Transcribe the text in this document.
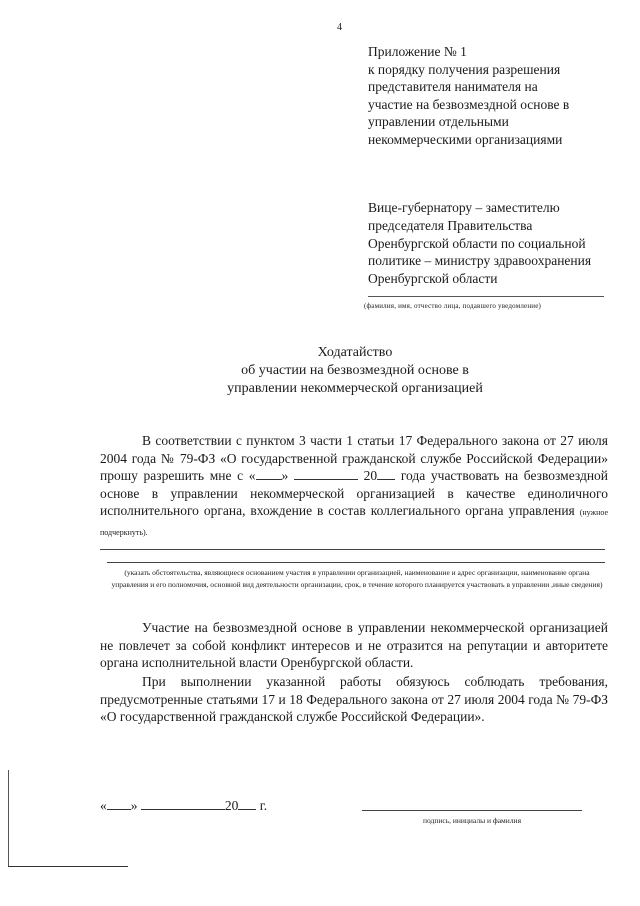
4
Приложение № 1
к порядку получения разрешения
представителя нанимателя на
участие на безвозмездной основе в
управлении отдельными
некоммерческими организациями
Вице-губернатору – заместителю
председателя Правительства
Оренбургской области по социальной
политике – министру здравоохранения
Оренбургской области
(фамилия, имя, отчество лица, подавшего уведомление)
Ходатайство
об участии на безвозмездной основе в
управлении некоммерческой организацией
В соответствии с пунктом 3 части 1 статьи 17 Федерального закона от 27 июля 2004 года № 79-ФЗ «О государственной гражданской службе Российской Федерации» прошу разрешить мне с « »	20 года участвовать на безвозмездной основе в управлении некоммерческой организацией в качестве единоличного исполнительного органа, вхождение в состав коллегиального органа управления (нужное подчеркнуть).
(указать обстоятельства, являющиеся основанием участия в управлении организацией, наименование и адрес организации, наименование органа управления и его полномочия, основной вид деятельности организации, срок, в течение которого планируется участвовать в управлении ,иные сведения)
Участие на безвозмездной основе в управлении некоммерческой организацией не повлечет за собой конфликт интересов и не отразится на репутации и авторитете органа исполнительной власти Оренбургской области.
При выполнении указанной работы обязуюсь соблюдать требования, предусмотренные статьями 17 и 18 Федерального закона от 27 июля 2004 года № 79-ФЗ «О государственной гражданской службе Российской Федерации».
« »	20 г.
подпись, инициалы и фамилия
